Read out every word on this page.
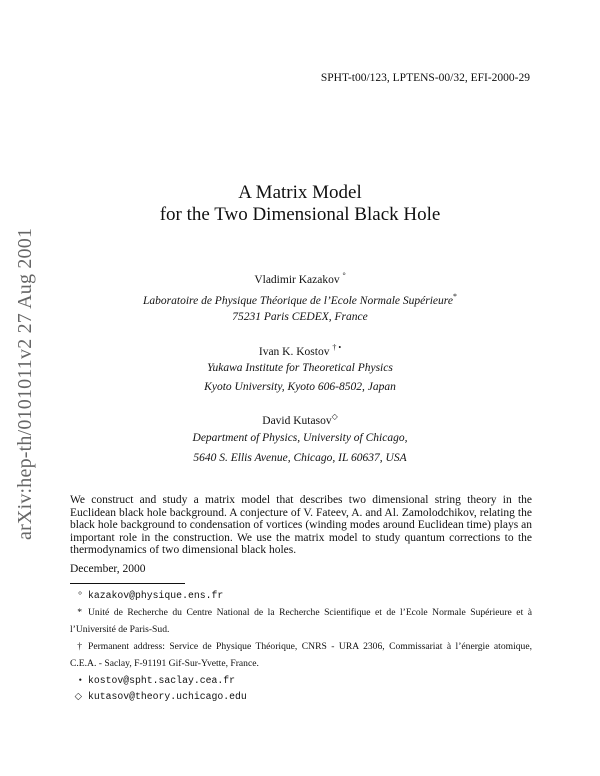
SPHT-t00/123, LPTENS-00/32, EFI-2000-29
arXiv:hep-th/0101011v2 27 Aug 2001
A Matrix Model
for the Two Dimensional Black Hole
Vladimir Kazakov °
Laboratoire de Physique Théorique de l’Ecole Normale Supérieure*
75231 Paris CEDEX, France
Ivan K. Kostov † •
Yukawa Institute for Theoretical Physics
Kyoto University, Kyoto 606-8502, Japan
David Kutasov◇
Department of Physics, University of Chicago,
5640 S. Ellis Avenue, Chicago, IL 60637, USA
We construct and study a matrix model that describes two dimensional string theory in the Euclidean black hole background. A conjecture of V. Fateev, A. and Al. Zamolodchikov, relating the black hole background to condensation of vortices (winding modes around Euclidean time) plays an important role in the construction. We use the matrix model to study quantum corrections to the thermodynamics of two dimensional black holes.
December, 2000
° kazakov@physique.ens.fr
* Unité de Recherche du Centre National de la Recherche Scientifique et de l’Ecole Normale Supérieure et à l’Université de Paris-Sud.
† Permanent address: Service de Physique Théorique, CNRS - URA 2306, Commissariat à l’énergie atomique, C.E.A. - Saclay, F-91191 Gif-Sur-Yvette, France.
• kostov@spht.saclay.cea.fr
◇ kutasov@theory.uchicago.edu
